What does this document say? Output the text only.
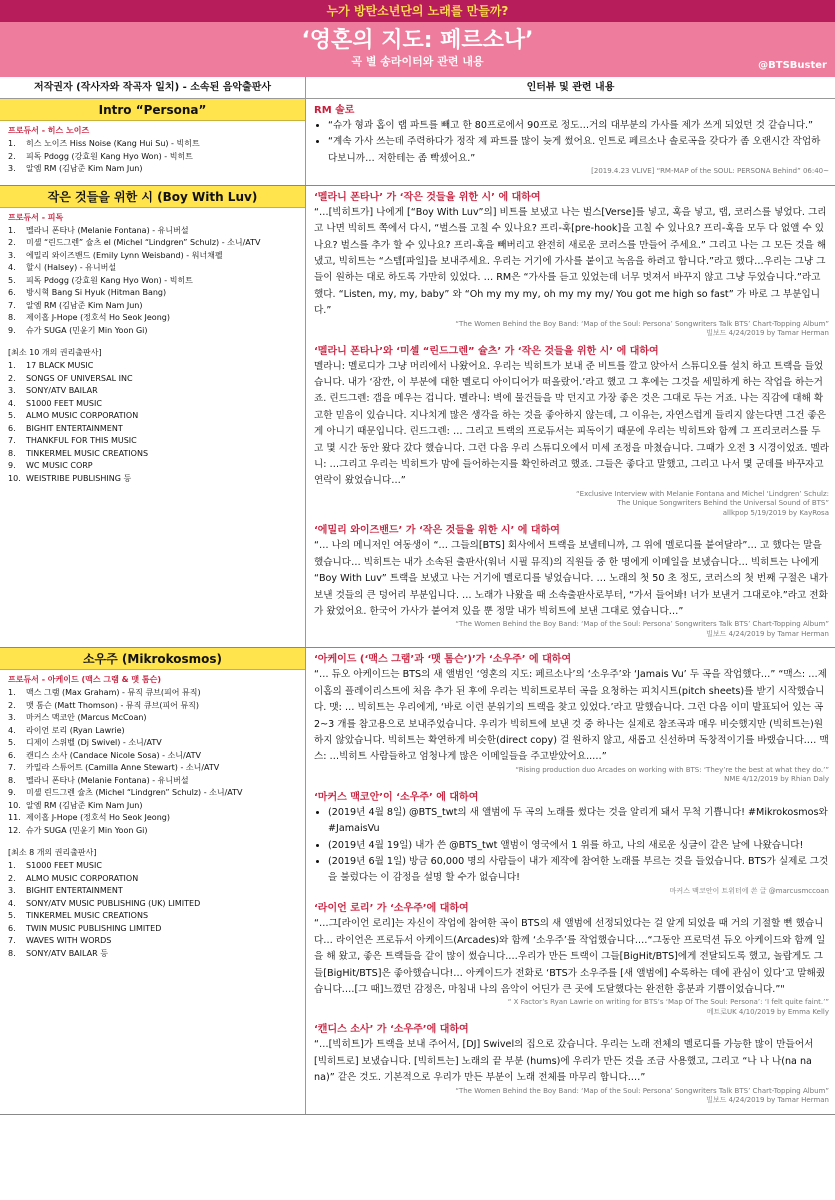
누가 방탄소년단의 노래를 만들까?
‘영혼의 지도: 페르소나’
곡 별 송라이터와 관련 내용	@BTSBuster
저작권자 (작사자와 작곡자 일치) - 소속된 음악출판사	인터뷰 및 관련 내용
Intro “Persona”
프로듀서 - 히스 노이즈
1. 히스 노이즈 Hiss Noise (Kang Hui Su) - 빅히트
2. 피독 Pdogg (강효원 Kang Hyo Won) - 빅히트
3. 알엠 RM (김남준 Kim Nam Jun)
RM 솔로
• “슈가 형과 홉이 랩 파트를 빼고 한 80프로에서 90프로 정도…거의 대부분의 가사를 제가 쓰게 되었던 것 같습니다.”
• “계속 가사 쓰는데 주력하다가 정작 제 파트를 많이 늦게 썼어요. 인트로 페르소나 솔로곡을 갖다가 좀 오랜시간 작업하다보니까… 저한테는 좀 빡셌어요.”
[2019.4.23 VLIVE] “RM-MAP of the SOUL: PERSONA Behind” 06:40~
작은 것들을 위한 시 (Boy With Luv)
프로듀서 - 피독
1. 멜라니 폰타나 (Melanie Fontana) - 유니버설
2. 미셸 “린드그렌” 슐츠 el (Michel “Lindgren” Schulz) - 소니/ATV
3. 에밀리 와이즈밴드 (Emily Lynn Weisband) - 워너채펠
4. 할시 (Halsey) - 유니버설
5. 피독 Pdogg (강효원 Kang Hyo Won) - 빅히트
6. 방시혁 Bang Si Hyuk (Hitman Bang)
7. 알엠 RM (김남준 Kim Nam Jun)
8. 제이홉 J-Hope (정호석 Ho Seok Jeong)
9. 슈가 SUGA (민윤기 Min Yoon Gi)
[최소 10 개의 권리출판사]
1. 17 BLACK MUSIC
2. SONGS OF UNIVERSAL INC
3. SONY/ATV BAILAR
4. S1000 FEET MUSIC
5. ALMO MUSIC CORPORATION
6. BIGHIT ENTERTAINMENT
7. THANKFUL FOR THIS MUSIC
8. TINKERMEL MUSIC CREATIONS
9. WC MUSIC CORP
10. WEISTRIBE PUBLISHING 등
‘멜라니 폰타나’ 가 ‘작은 것들을 위한 시’ 에 대하여

“…[빅히트가] 나에게 [“Boy With Luv”의] 비트를 보냈고 나는 벌스[Verse]를 넣고, 훅을 넣고, 랩, 코러스를 넣었다. 그리고 나면 빅히트 쪽에서 다시, “벌스를 고칠 수 있나요? 프리-훅[pre-hook]을 고칠 수 있나요? 프리-훅을 모두 다 없앨 수 있나요? 벌스를 추가 할 수 있나요? 프리-훅을 빼버리고 완전히 새로운 코러스를 만들어 주세요.” 그리고 나는 그 모든 것을 해냈고, 빅히트는 “스템[파일]을 보내주세요. 우리는 거기에 가사를 붙이고 녹음을 하려고 합니다.”라고 했다…우리는 그냥 그들이 원하는 대로 하도록 가만히 있었다. … RM은 “가사를 듣고 있었는데 너무 멋져서 바꾸지 않고 그냥 두었습니다.”라고 했다. “Listen, my, my, baby” 와 “Oh my my my, oh my my my/ You got me high so fast” 가 바로 그 부분입니다.”

“The Women Behind the Boy Band: ‘Map of the Soul: Persona’ Songwriters Talk BTS’ Chart-Topping Album”
빌보드 4/24/2019 by Tamar Herman
‘멜라니 폰타나’와 ‘미셸 “린드그렌” 슐츠’ 가 ‘작은 것들을 위한 시’ 에 대하여

멜라니: 멜로디가 그냥 머리에서 나왔어요. 우리는 빅히트가 보내 준 비트를 깔고 앉아서 스튜디오를 설치 하고 트랙을 들었습니다. 내가 ‘잠깐, 이 부분에 대한 멜로디 아이디어가 떠올랐어.’라고 했고 그 후에는 그것을 세밀하게 하는 작업을 하는거죠. 린드그렌: 갭을 메우는 겁니다. 멜라니: 벽에 물건들을 막 던지고 가장 좋은 것은 그대로 두는 거죠. 나는 직감에 대해 확고한 믿음이 있습니다. 지나치게 많은 생각을 하는 것을 좋아하지 않는데, 그 이유는, 자연스럽게 들리지 않는다면 그건 좋은게 아니기 때문입니다. 린드그렌: … 그리고 트랙의 프로듀서는 피독이기 때문에 우리는 빅히트와 함께 그 프리코러스를 두고 몇 시간 동안 왔다 갔다 했습니다. 그런 다음 우리 스튜디오에서 미세 조정을 마쳤습니다. 그때가 오전 3 시경이었죠. 멜라니: …그리고 우리는 빅히트가 맘에 들어하는지를 확인하려고 했죠. 그들은 좋다고 말했고, 그리고 나서 몇 군데를 바꾸자고 연락이 왔었습니다…”

“Exclusive Interview with Melanie Fontana and Michel ‘Lindgren’ Schulz:
The Unique Songwriters Behind the Universal Sound of BTS”
allkpop 5/19/2019 by KayRosa
‘에밀리 와이즈밴드’ 가 ‘작은 것들을 위한 시’ 에 대하여

“… 나의 메니저인 여동생이 “… 그들의[BTS] 회사에서 트랙을 보낼테니까, 그 위에 멜로디를 붙여달라”… 고 했다는 말을 했습니다… 빅히트는 내가 소속된 출판사(워너 시필 뮤직)의 직원들 중 한 명에게 이메일을 보냈습니다… 빅히트는 나에게 “Boy With Luv” 트랙을 보냈고 나는 거기에 멜로디를 넣었습니다. … 노래의 첫 50 초 정도, 코러스의 첫 번째 구절은 내가 보낸 것들의 큰 덩어리 부분입니다. … 노래가 나왔을 때 소속출판사로부터, “가서 들어봐! 너가 보낸거 그대로야.”라고 전화가 왔었어요. 한국어 가사가 붙여져 있을 뿐 정말 내가 빅히트에 보낸 그대로 였습니다…”

“The Women Behind the Boy Band: ‘Map of the Soul: Persona’ Songwriters Talk BTS’ Chart-Topping Album”
빌보드 4/24/2019 by Tamar Herman
소우주 (Mikrokosmos)
프로듀서 - 아케이드 (맥스 그램 & 맷 톰슨)
1. 맥스 그램 (Max Graham) - 뮤직 큐브(피어 뮤직)
2. 맷 톰슨 (Matt Thomson) - 뮤직 큐브(피어 뮤직)
3. 마커스 맥코안 (Marcus McCoan)
4. 라이언 로리 (Ryan Lawrie)
5. 디제이 스위벨 (Dj Swivel) - 소니/ATV
6. 캔디스 소사 (Candace Nicole Sosa) - 소니/ATV
7. 카밀라 스튜어트 (Camilla Anne Stewart) - 소니/ATV
8. 멜라니 폰타나 (Melanie Fontana) - 유니버설
9. 미셸 린드그렌 슐츠 (Michel “Lindgren” Schulz) - 소니/ATV
10. 알엠 RM (김남준 Kim Nam Jun)
11. 제이홉 J-Hope (정호석 Ho Seok Jeong)
12. 슈가 SUGA (민윤기 Min Yoon Gi)
[최소 8 개의 권리출판사]
1. S1000 FEET MUSIC
2. ALMO MUSIC CORPORATION
3. BIGHIT ENTERTAINMENT
4. SONY/ATV MUSIC PUBLISHING (UK) LIMITED
5. TINKERMEL MUSIC CREATIONS
6. TWIN MUSIC PUBLISHING LIMITED
7. WAVES WITH WORDS
8. SONY/ATV BAILAR 등
‘아케이드 (‘맥스 그램’과 ‘맷 톰슨’)’가 ‘소우주’ 에 대하여

“… 듀오 아케이드는 BTS의 새 앨범인 ‘영혼의 지도: 페르소나’의 ‘소우주’와 ‘Jamais Vu’ 두 곡을 작업했다…” “맥스: …제이홉의 플레이리스트에 처음 추가 된 후에 우리는 빅히트로부터 곡을 요청하는 피치시트(pitch sheets)를 받기 시작했습니다. 맷: … 빅히트는 우리에게, ‘바로 이런 분위기의 트랙을 찾고 있었다.’라고 말했습니다. 그런 다음 이미 발표되어 있는 곡 2~3 개를 참고용으로 보내주었습니다. 우리가 빅히트에 보낸 것 중 하나는 실제로 참조곡과 매우 비슷했지만 (빅히트는)원하지 않았습니다. 빅히트는 확연하게 비슷한(direct copy) 걸 원하지 않고, 새롭고 신선하며 독창적이기를 바랬습니다.… 맥스: …빅히트 사람들하고 엄청나게 많은 이메일들을 주고받았어요..…”

“Rising production duo Arcades on working with BTS: ‘They’re the best at what they do.’”
NME 4/12/2019 by Rhian Daly
‘마커스 맥코안’이 ‘소우주’ 에 대하여
• (2019년 4월 8일) @BTS_twt의 새 앨범에 두 곡의 노래를 썼다는 것을 알리게 돼서 무척 기쁩니다! #Mikrokosmos와 #JamaisVu
• (2019년 4월 19일) 내가 쓴 @BTS_twt 앨범이 영국에서 1 위를 하고, 나의 새로운 싱글이 같은 날에 나왔습니다!
• (2019년 6월 1일) 방금 60,000 명의 사람들이 내가 제작에 참여한 노래를 부르는 것을 들었습니다. BTS가 실제로 그것을 불렀다는 이 감정을 설명 할 수가 없습니다!
마커스 맥코안이 트위터에 쓴 글 @marcusmccoan
‘라이언 로리’ 가 ‘소우주’에 대하여

“…그[라이언 로리]는 자신이 작업에 참여한 곡이 BTS의 새 앨범에 선정되었다는 걸 알게 되었을 때 거의 기절할 뻔 했습니다… 라이언은 프로듀서 아케이드(Arcades)와 함께 ‘소우주’를 작업했습니다.…“그동안 프로덕션 듀오 아케이드와 함께 일을 해 왔고, 좋은 트랙들을 같이 많이 썼습니다.…우리가 만든 트랙이 그들[BigHit/BTS]에게 전달되도록 했고, 놀랍게도 그들[BigHit/BTS]은 좋아했습니다!… 아케이드가 전화로 ‘BTS가 소우주를 [새 앨범에] 수록하는 데에 관심이 있다’고 말해줬습니다.…[그 때]느꼈던 감정은, 마침내 나의 음악이 어딘가 큰 곳에 도달했다는 완전한 흥분과 기쁨이었습니다.”"

“ X Factor’s Ryan Lawrie on writing for BTS’s ‘Map Of The Soul: Persona’: ‘I felt quite faint.’”
메트로UK 4/10/2019 by Emma Kelly
‘캔디스 소사’ 가 ‘소우주’에 대하여

“…[빅히트]가 트랙을 보내 주어서, [DJ] Swivel의 집으로 갔습니다. 우리는 노래 전체의 멜로디를 가능한 많이 만들어서 [빅히트로] 보냈습니다. [빅히트는] 노래의 끝 부분 (hums)에 우리가 만든 것을 조금 사용했고, 그리고 “나 나 나(na na na)” 같은 것도. 기본적으로 우리가 만든 부분이 노래 전체를 마무리 합니다.…”

“The Women Behind the Boy Band: ‘Map of the Soul: Persona’ Songwriters Talk BTS’ Chart-Topping Album”
빌보드 4/24/2019 by Tamar Herman
